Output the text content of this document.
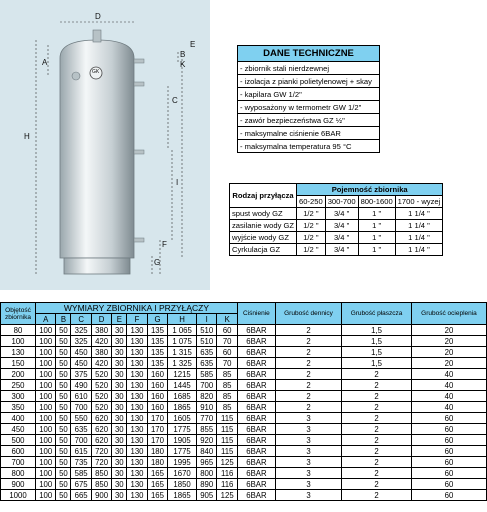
D
A
B
K
E
C
H
I
F
G
GK
DANE TECHNICZNE
- zbiornik stali nierdzewnej
- izolacja z pianki polietylenowej + skay
- kapilara GW 1/2"
- wyposażony w termometr GW 1/2"
- zawór bezpieczeństwa GZ ½"
- maksymalne ciśnienie 6BAR
- maksymalna temperatura 95 °C
Rodzaj przyłącza	Pojemność zbiornika			
	60-250	300-700	800-1600	1700 - wyzej
spust wody GZ	1/2 "	3/4 "	1 "	1 1/4 "
zasilanie wody GZ	1/2 "	3/4 "	1 "	1 1/4 "
wyjście wody GZ	1/2 "	3/4 "	1 "	1 1/4 "
Cyrkulacja GZ	1/2 "	3/4 "	1 "	1 1/4 "
Objętość zbiornika	WYMIARY ZBIORNIKA I PRZYŁĄCZY										Ciśnienie	Grubość dennicy	Grubość płaszcza	Grubość ocieplenia
	A	B	C	D	E	F	G	H	I	K				
80	100	50	325	380	30	130	135	1 065	510	60	6BAR	2	1,5	20
100	100	50	325	420	30	130	135	1 075	510	70	6BAR	2	1,5	20
130	100	50	450	380	30	130	135	1 315	635	60	6BAR	2	1,5	20
150	100	50	450	420	30	130	135	1 325	635	70	6BAR	2	1,5	20
200	100	50	375	520	30	130	160	1215	585	85	6BAR	2	2	40
250	100	50	490	520	30	130	160	1445	700	85	6BAR	2	2	40
300	100	50	610	520	30	130	160	1685	820	85	6BAR	2	2	40
350	100	50	700	520	30	130	160	1865	910	85	6BAR	2	2	40
400	100	50	550	620	30	130	170	1605	770	115	6BAR	3	2	60
450	100	50	635	620	30	130	170	1775	855	115	6BAR	3	2	60
500	100	50	700	620	30	130	170	1905	920	115	6BAR	3	2	60
600	100	50	615	720	30	130	180	1775	840	115	6BAR	3	2	60
700	100	50	735	720	30	130	180	1995	965	125	6BAR	3	2	60
800	100	50	585	850	30	130	165	1670	800	116	6BAR	3	2	60
900	100	50	675	850	30	130	165	1850	890	116	6BAR	3	2	60
1000	100	50	665	900	30	130	165	1865	905	125	6BAR	3	2	60
